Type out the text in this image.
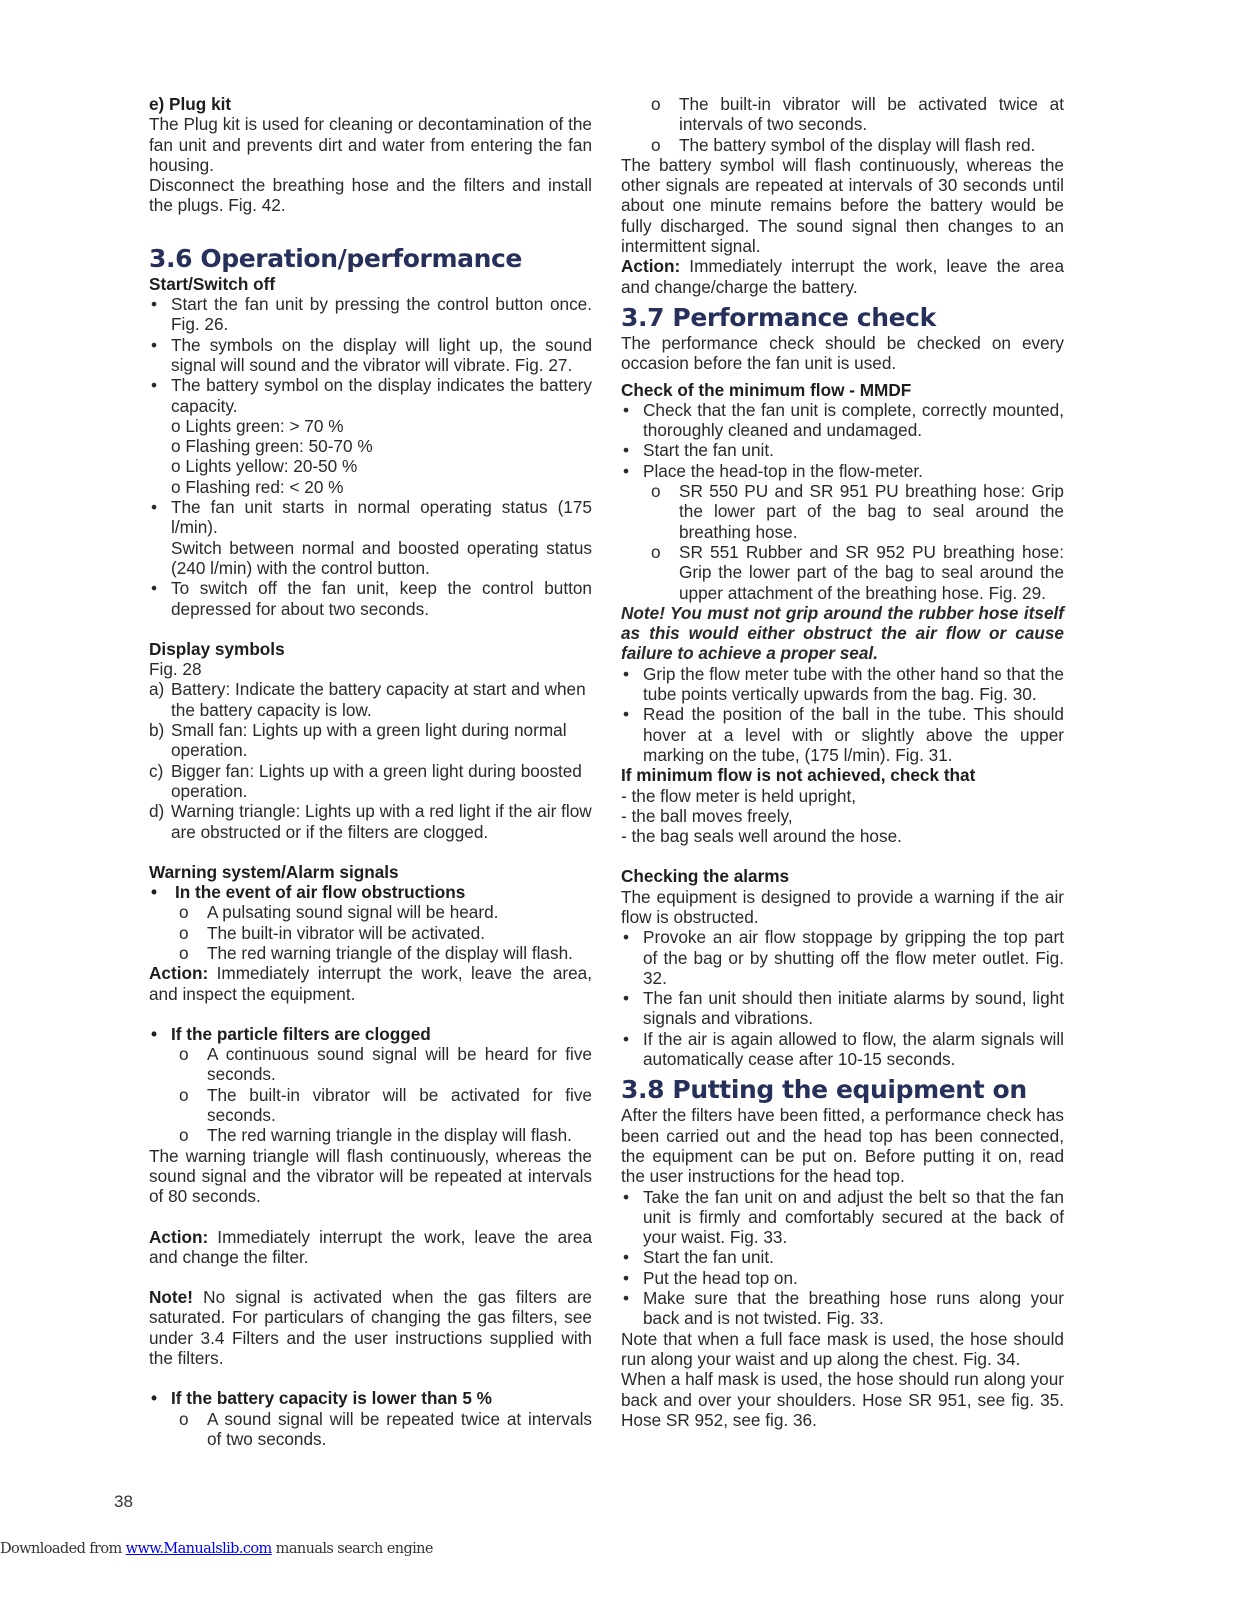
e) Plug kit

The Plug kit is used for cleaning or decontamination of the fan unit and prevents dirt and water from entering the fan housing.

Disconnect the breathing hose and the filters and install the plugs. Fig. 42.

3.6 Operation/performance

Start/Switch off

• Start the fan unit by pressing the control button once. Fig. 26.
• The symbols on the display will light up, the sound signal will sound and the vibrator will vibrate. Fig. 27.
• The battery symbol on the display indicates the battery capacity.
o Lights green: > 70 %
o Flashing green: 50-70 %
o Lights yellow: 20-50 %
o Flashing red: < 20 %
• The fan unit starts in normal operating status (175 l/min).
Switch between normal and boosted operating status (240 l/min) with the control button.
• To switch off the fan unit, keep the control button depressed for about two seconds.

Display symbols

Fig. 28

a) Battery: Indicate the battery capacity at start and when the battery capacity is low.
b) Small fan: Lights up with a green light during normal operation.
c) Bigger fan: Lights up with a green light during boosted operation.
d) Warning triangle: Lights up with a red light if the air flow are obstructed or if the filters are clogged.

Warning system/Alarm signals

• In the event of air flow obstructions
o A pulsating sound signal will be heard.
o The built-in vibrator will be activated.
o The red warning triangle of the display will flash.

Action: Immediately interrupt the work, leave the area, and inspect the equipment.

• If the particle filters are clogged
o A continuous sound signal will be heard for five seconds.
o The built-in vibrator will be activated for five seconds.
o The red warning triangle in the display will flash.

The warning triangle will flash continuously, whereas the sound signal and the vibrator will be repeated at intervals of 80 seconds.

Action: Immediately interrupt the work, leave the area and change the filter.

Note! No signal is activated when the gas filters are saturated. For particulars of changing the gas filters, see under 3.4 Filters and the user instructions supplied with the filters.

• If the battery capacity is lower than 5 %
o A sound signal will be repeated twice at intervals of two seconds.
o The built-in vibrator will be activated twice at intervals of two seconds.
o The battery symbol of the display will flash red.

The battery symbol will flash continuously, whereas the other signals are repeated at intervals of 30 seconds until about one minute remains before the battery would be fully discharged. The sound signal then changes to an intermittent signal.

Action: Immediately interrupt the work, leave the area and change/charge the battery.

3.7 Performance check

The performance check should be checked on every occasion before the fan unit is used.

Check of the minimum flow - MMDF

• Check that the fan unit is complete, correctly mounted, thoroughly cleaned and undamaged.
• Start the fan unit.
• Place the head-top in the flow-meter.
o SR 550 PU and SR 951 PU breathing hose: Grip the lower part of the bag to seal around the breathing hose.
o SR 551 Rubber and SR 952 PU breathing hose: Grip the lower part of the bag to seal around the upper attachment of the breathing hose. Fig. 29.

Note! You must not grip around the rubber hose itself as this would either obstruct the air flow or cause failure to achieve a proper seal.

• Grip the flow meter tube with the other hand so that the tube points vertically upwards from the bag. Fig. 30.
• Read the position of the ball in the tube. This should hover at a level with or slightly above the upper marking on the tube, (175 l/min). Fig. 31.

If minimum flow is not achieved, check that

- the flow meter is held upright,

- the ball moves freely,

- the bag seals well around the hose.

Checking the alarms

The equipment is designed to provide a warning if the air flow is obstructed.

• Provoke an air flow stoppage by gripping the top part of the bag or by shutting off the flow meter outlet. Fig. 32.
• The fan unit should then initiate alarms by sound, light signals and vibrations.
• If the air is again allowed to flow, the alarm signals will automatically cease after 10-15 seconds.
3.8 Putting the equipment on

After the filters have been fitted, a performance check has been carried out and the head top has been connected, the equipment can be put on. Before putting it on, read the user instructions for the head top.

• Take the fan unit on and adjust the belt so that the fan unit is firmly and comfortably secured at the back of your waist. Fig. 33.
• Start the fan unit.
• Put the head top on.
• Make sure that the breathing hose runs along your back and is not twisted. Fig. 33.

Note that when a full face mask is used, the hose should run along your waist and up along the chest. Fig. 34.

When a half mask is used, the hose should run along your back and over your shoulders. Hose SR 951, see fig. 35. Hose SR 952, see fig. 36.

38
Downloaded from www.Manualslib.com manuals search engine
